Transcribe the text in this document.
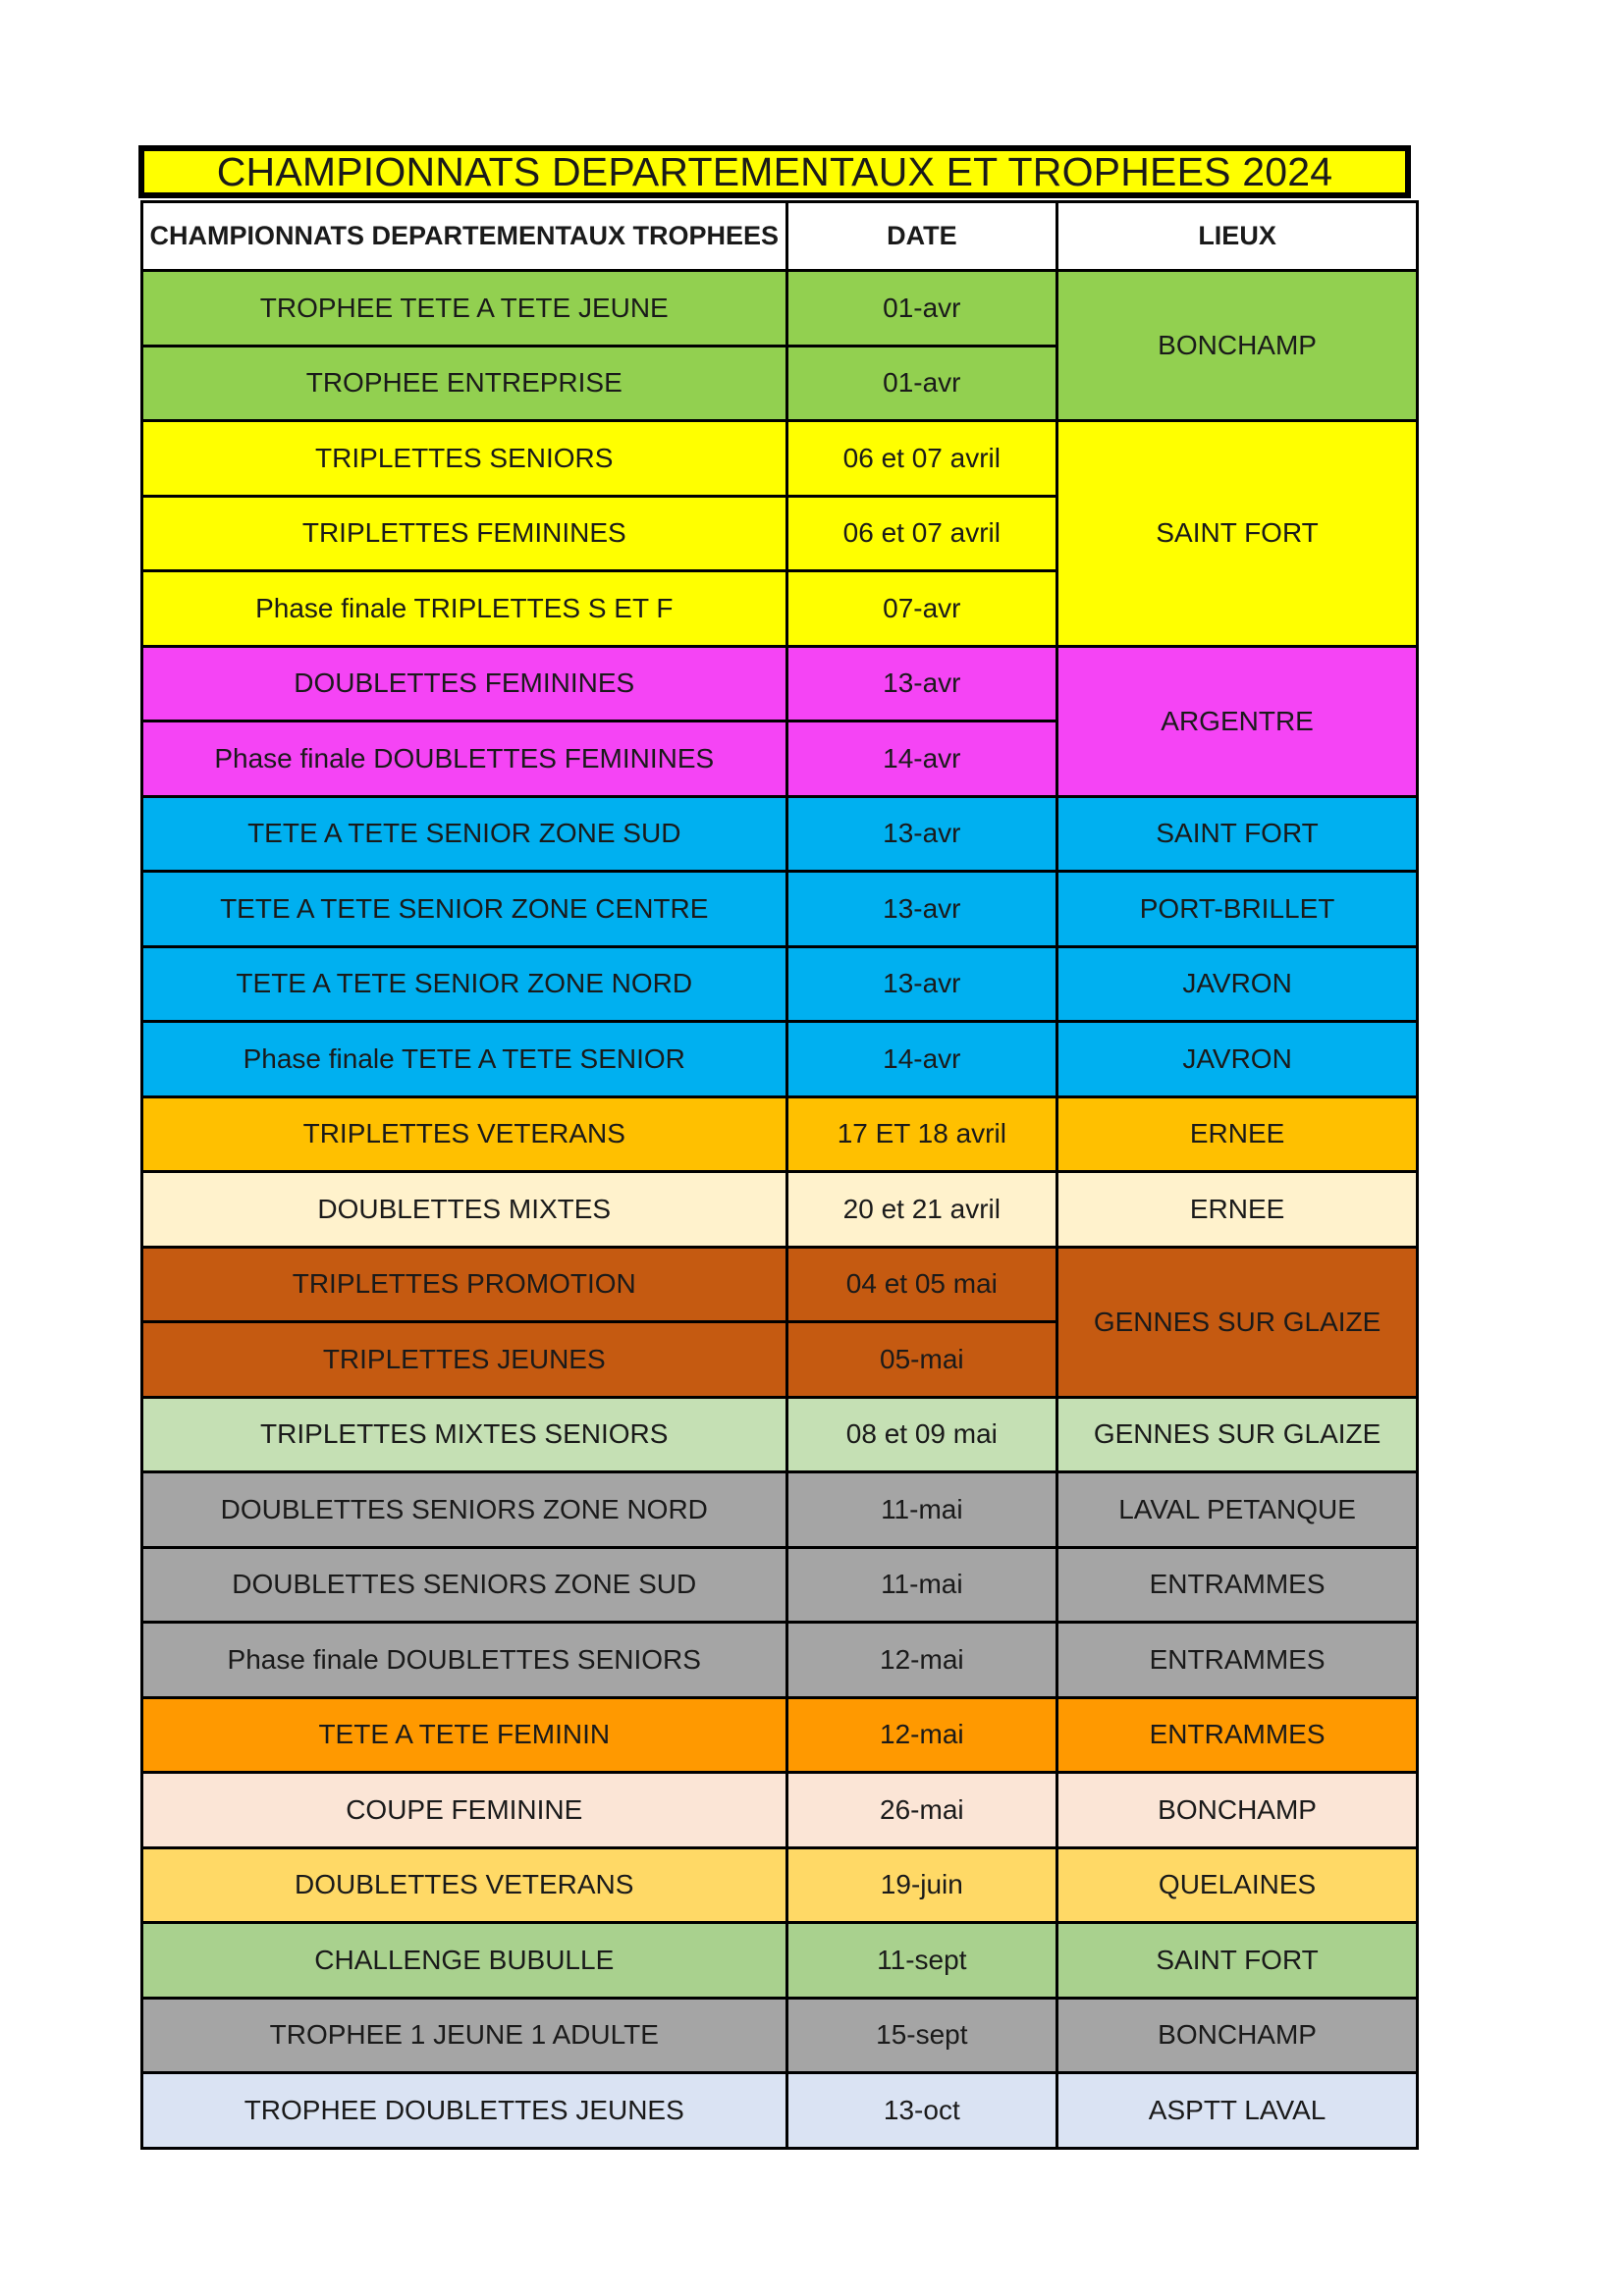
CHAMPIONNATS DEPARTEMENTAUX ET TROPHEES 2024
CHAMPIONNATS DEPARTEMENTAUX TROPHEES	DATE	LIEUX
TROPHEE TETE A TETE JEUNE	01-avr	BONCHAMP
TROPHEE ENTREPRISE	01-avr	
TRIPLETTES SENIORS	06 et 07 avril	SAINT FORT
TRIPLETTES FEMININES	06 et 07 avril	
Phase finale TRIPLETTES S ET F	07-avr	
DOUBLETTES FEMININES	13-avr	ARGENTRE
Phase finale DOUBLETTES FEMININES	14-avr	
TETE A TETE SENIOR ZONE SUD	13-avr	SAINT FORT
TETE A TETE SENIOR ZONE CENTRE	13-avr	PORT-BRILLET
TETE A TETE SENIOR ZONE NORD	13-avr	JAVRON
Phase finale TETE A TETE SENIOR	14-avr	JAVRON
TRIPLETTES VETERANS	17 ET 18 avril	ERNEE
DOUBLETTES MIXTES	20 et 21 avril	ERNEE
TRIPLETTES PROMOTION	04 et 05 mai	GENNES SUR GLAIZE
TRIPLETTES JEUNES	05-mai	
TRIPLETTES MIXTES SENIORS	08 et 09 mai	GENNES SUR GLAIZE
DOUBLETTES SENIORS ZONE NORD	11-mai	LAVAL PETANQUE
DOUBLETTES SENIORS ZONE SUD	11-mai	ENTRAMMES
Phase finale DOUBLETTES SENIORS	12-mai	ENTRAMMES
TETE A TETE FEMININ	12-mai	ENTRAMMES
COUPE FEMININE	26-mai	BONCHAMP
DOUBLETTES VETERANS	19-juin	QUELAINES
CHALLENGE BUBULLE	11-sept	SAINT FORT
TROPHEE 1 JEUNE 1 ADULTE	15-sept	BONCHAMP
TROPHEE DOUBLETTES JEUNES	13-oct	ASPTT LAVAL
